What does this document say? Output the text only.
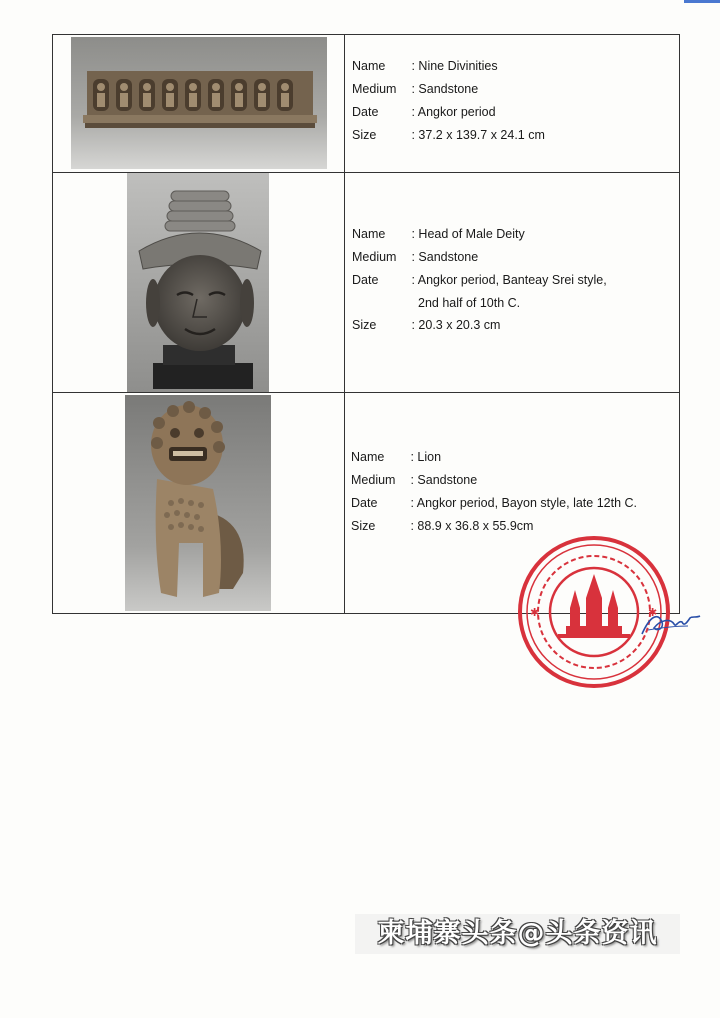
Name : Nine Divinities
Medium : Sandstone
Date	: Angkor period
Size	: 37.2 x 139.7 x 24.1 cm
Name : Head of Male Deity
Medium : Sandstone
Date	: Angkor period, Banteay Srei style,
2nd half of 10th C.
Size	: 20.3 x 20.3 cm
Name : Lion
Medium : Sandstone
Date	: Angkor period, Bayon style, late 12th C.
Size	: 88.9 x 36.8 x 55.9cm
✱	✱
柬埔寨头条@头条资讯
